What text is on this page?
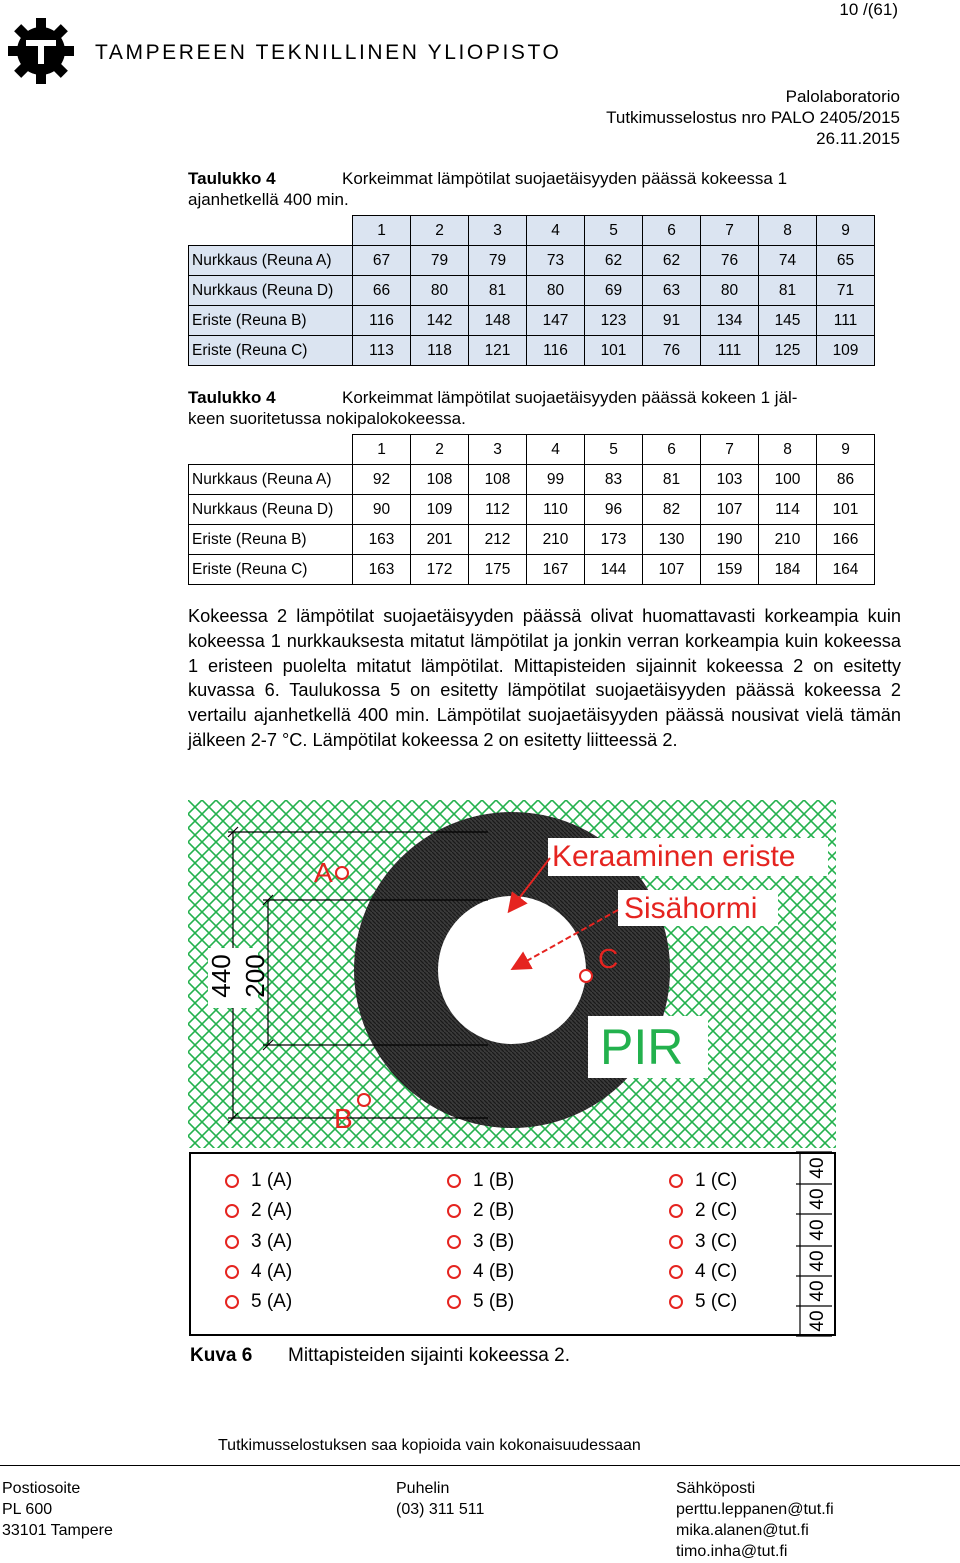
10 /(61)
TAMPEREEN TEKNILLINEN YLIOPISTO
Palolaboratorio
Tutkimusselostus nro PALO 2405/2015
26.11.2015
Taulukko 4	Korkeimmat lämpötilat suojaetäisyyden päässä kokeessa 1
ajanhetkellä 400 min.
	1	2	3	4	5	6	7	8	9
Nurkkaus (Reuna A)	67	79	79	73	62	62	76	74	65
Nurkkaus (Reuna D)	66	80	81	80	69	63	80	81	71
Eriste (Reuna B)	116	142	148	147	123	91	134	145	111
Eriste (Reuna C)	113	118	121	116	101	76	111	125	109
Taulukko 4	Korkeimmat lämpötilat suojaetäisyyden päässä kokeen 1 jäl-
keen suoritetussa nokipalokokeessa.
	1	2	3	4	5	6	7	8	9
Nurkkaus (Reuna A)	92	108	108	99	83	81	103	100	86
Nurkkaus (Reuna D)	90	109	112	110	96	82	107	114	101
Eriste (Reuna B)	163	201	212	210	173	130	190	210	166
Eriste (Reuna C)	163	172	175	167	144	107	159	184	164

Kokeessa 2 lämpötilat suojaetäisyyden päässä olivat huomattavasti korkeampia kuin kokeessa 1 nurkkauksesta mitatut lämpötilat ja jonkin verran korkeampia kuin kokeessa 1 eristeen puolelta mitatut lämpötilat. Mittapisteiden sijainnit kokeessa 2 on esitetty kuvassa 6. Taulukossa 5 on esitetty lämpötilat suojaetäisyyden päässä kokeessa 2 vertailu ajanhetkellä 400 min. Lämpötilat suojaetäisyyden päässä nousivat vielä tämän jälkeen 2-7 °C. Lämpötilat kokeessa 2 on esitetty liitteessä 2.

440 200
Keraaminen eriste
Sisähormi
A
B
C
PIR
1 (A)
2 (A)
3 (A)
4 (A)
5 (A)
1 (B)
2 (B)
3 (B)
4 (B)
5 (B)
1 (C)
2 (C)
3 (C)
4 (C)
5 (C)
40
40
40
40
40
40
Kuva 6 Mittapisteiden sijainti kokeessa 2.
Tutkimusselostuksen saa kopioida vain kokonaisuudessaan
Postiosoite
PL 600
33101 Tampere
Puhelin
(03) 311 511
Sähköposti
perttu.leppanen@tut.fi
mika.alanen@tut.fi
timo.inha@tut.fi
